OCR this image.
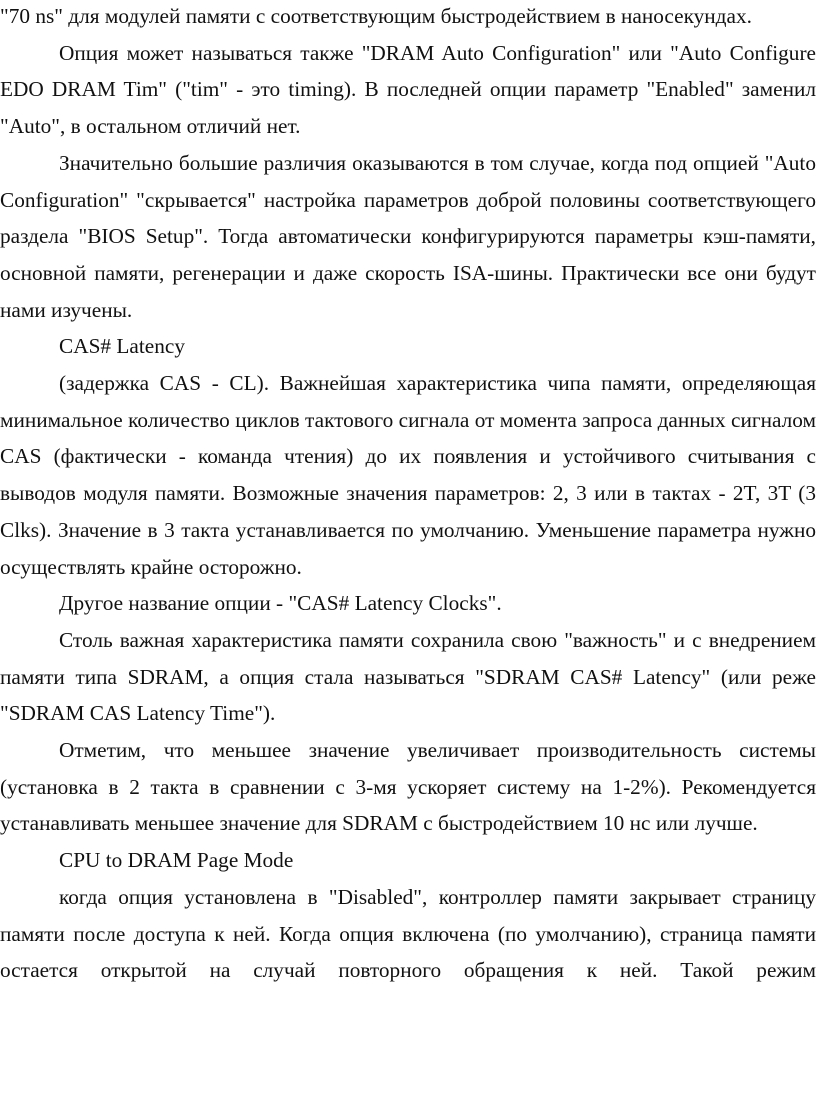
"70 ns" для модулей памяти с соответствующим быстродействием в наносекундах.

Опция может называться также "DRAM Auto Configuration" или "Auto Configure EDO DRAM Tim" ("tim" - это timing). В последней опции параметр "Enabled" заменил "Auto", в остальном отличий нет.

Значительно большие различия оказываются в том случае, когда под опцией "Auto Configuration" "скрывается" настройка параметров доброй половины соответствующего раздела "BIOS Setup". Тогда автоматически конфигурируются параметры кэш-памяти, основной памяти, регенерации и даже скорость ISA-шины. Практически все они будут нами изучены.

CAS# Latency

(задержка CAS - CL). Важнейшая характеристика чипа памяти, определяющая минимальное количество циклов тактового сигнала от момента запроса данных сигналом CAS (фактически - команда чтения) до их появления и устойчивого считывания с выводов модуля памяти. Возможные значения параметров: 2, 3 или в тактах - 2T, 3T (3 Clks). Значение в 3 такта устанавливается по умолчанию. Уменьшение параметра нужно осуществлять крайне осторожно.

Другое название опции - "CAS# Latency Clocks".

Столь важная характеристика памяти сохранила свою "важность" и с внедрением памяти типа SDRAM, а опция стала называться "SDRAM CAS# Latency" (или реже "SDRAM CAS Latency Time").

Отметим, что меньшее значение увеличивает производительность системы (установка в 2 такта в сравнении с 3-мя ускоряет систему на 1-2%). Рекомендуется устанавливать меньшее значение для SDRAM с быстродействием 10 нс или лучше.

CPU to DRAM Page Mode

когда опция установлена в "Disabled", контроллер памяти закрывает страницу памяти после доступа к ней. Когда опция включена (по умолчанию), страница памяти остается открытой на случай повторного обращения к ней. Такой режим
